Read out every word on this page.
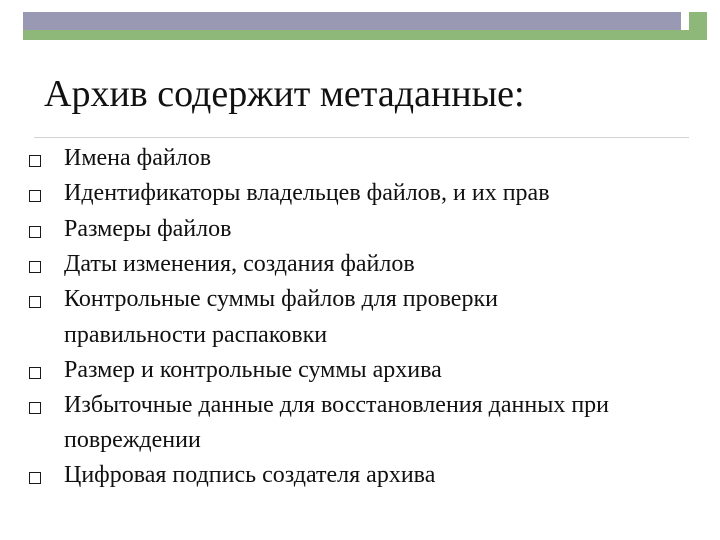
Архив содержит метаданные:
Имена файлов
Идентификаторы владельцев файлов, и их прав
Размеры файлов
Даты изменения, создания файлов
Контрольные суммы файлов для проверки
правильности распаковки
Размер и контрольные суммы архива
Избыточные данные для восстановления данных при
повреждении
Цифровая подпись создателя архива
